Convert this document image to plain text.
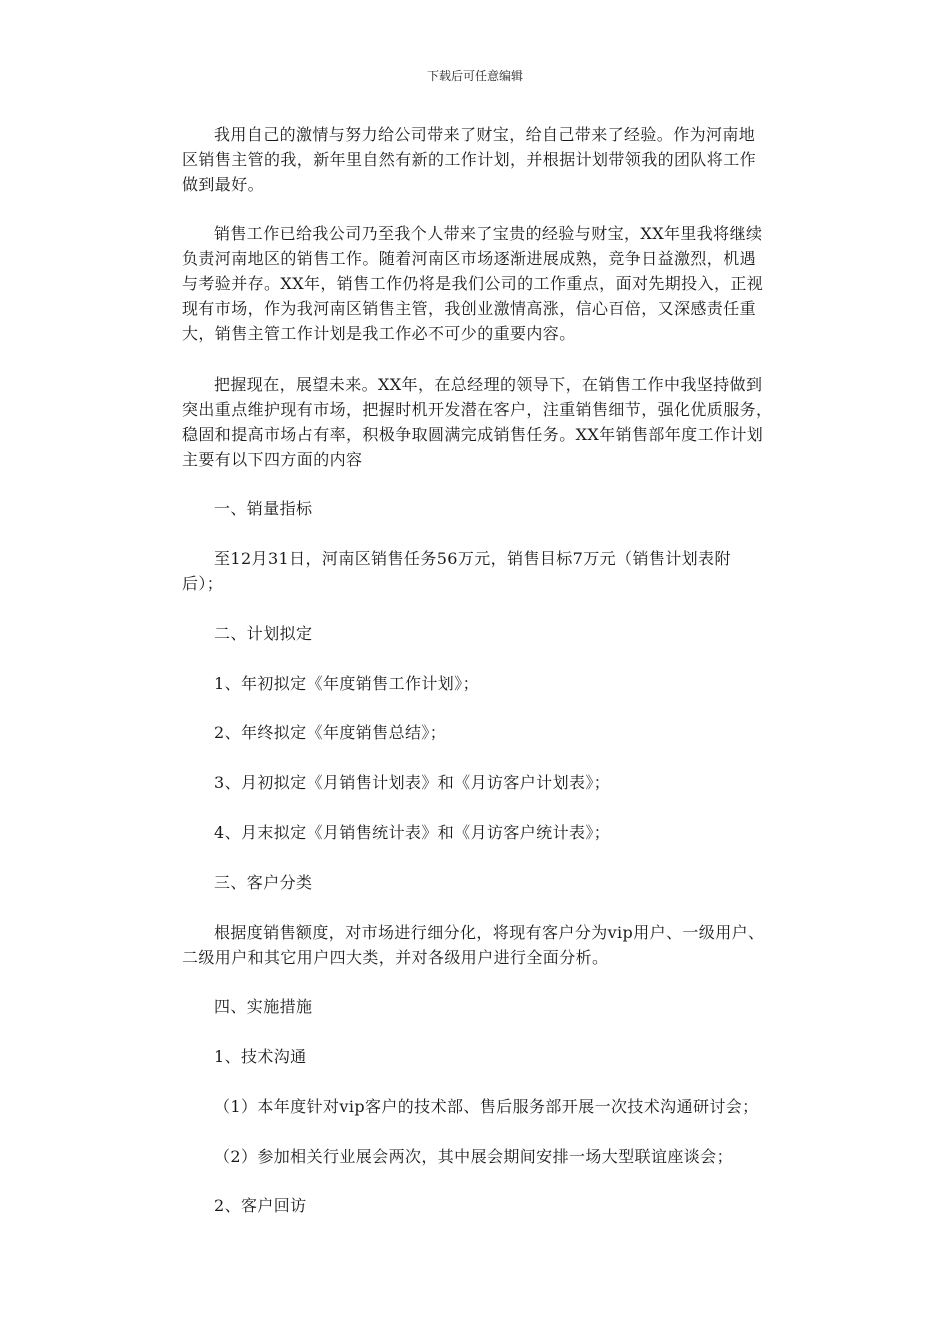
下载后可任意编辑
我用自己的激情与努力给公司带来了财宝，给自己带来了经验。作为河南地
区销售主管的我，新年里自然有新的工作计划，并根据计划带领我的团队将工作
做到最好。
销售工作已给我公司乃至我个人带来了宝贵的经验与财宝，XX年里我将继续
负责河南地区的销售工作。随着河南区市场逐渐进展成熟，竞争日益激烈，机遇
与考验并存。XX年，销售工作仍将是我们公司的工作重点，面对先期投入，正视
现有市场，作为我河南区销售主管，我创业激情高涨，信心百倍，又深感责任重
大，销售主管工作计划是我工作必不可少的重要内容。
把握现在，展望未来。XX年，在总经理的领导下，在销售工作中我坚持做到
突出重点维护现有市场，把握时机开发潜在客户，注重销售细节，强化优质服务，
稳固和提高市场占有率，积极争取圆满完成销售任务。XX年销售部年度工作计划
主要有以下四方面的内容
一、销量指标
至12月31日，河南区销售任务56万元，销售目标7万元（销售计划表附
后）；
二、计划拟定
1、年初拟定《年度销售工作计划》；
2、年终拟定《年度销售总结》；
3、月初拟定《月销售计划表》和《月访客户计划表》；
4、月末拟定《月销售统计表》和《月访客户统计表》；
三、客户分类
根据度销售额度，对市场进行细分化，将现有客户分为vip用户、一级用户、
二级用户和其它用户四大类，并对各级用户进行全面分析。
四、实施措施
1、技术沟通
（1）本年度针对vip客户的技术部、售后服务部开展一次技术沟通研讨会；
（2）参加相关行业展会两次，其中展会期间安排一场大型联谊座谈会；
2、客户回访
